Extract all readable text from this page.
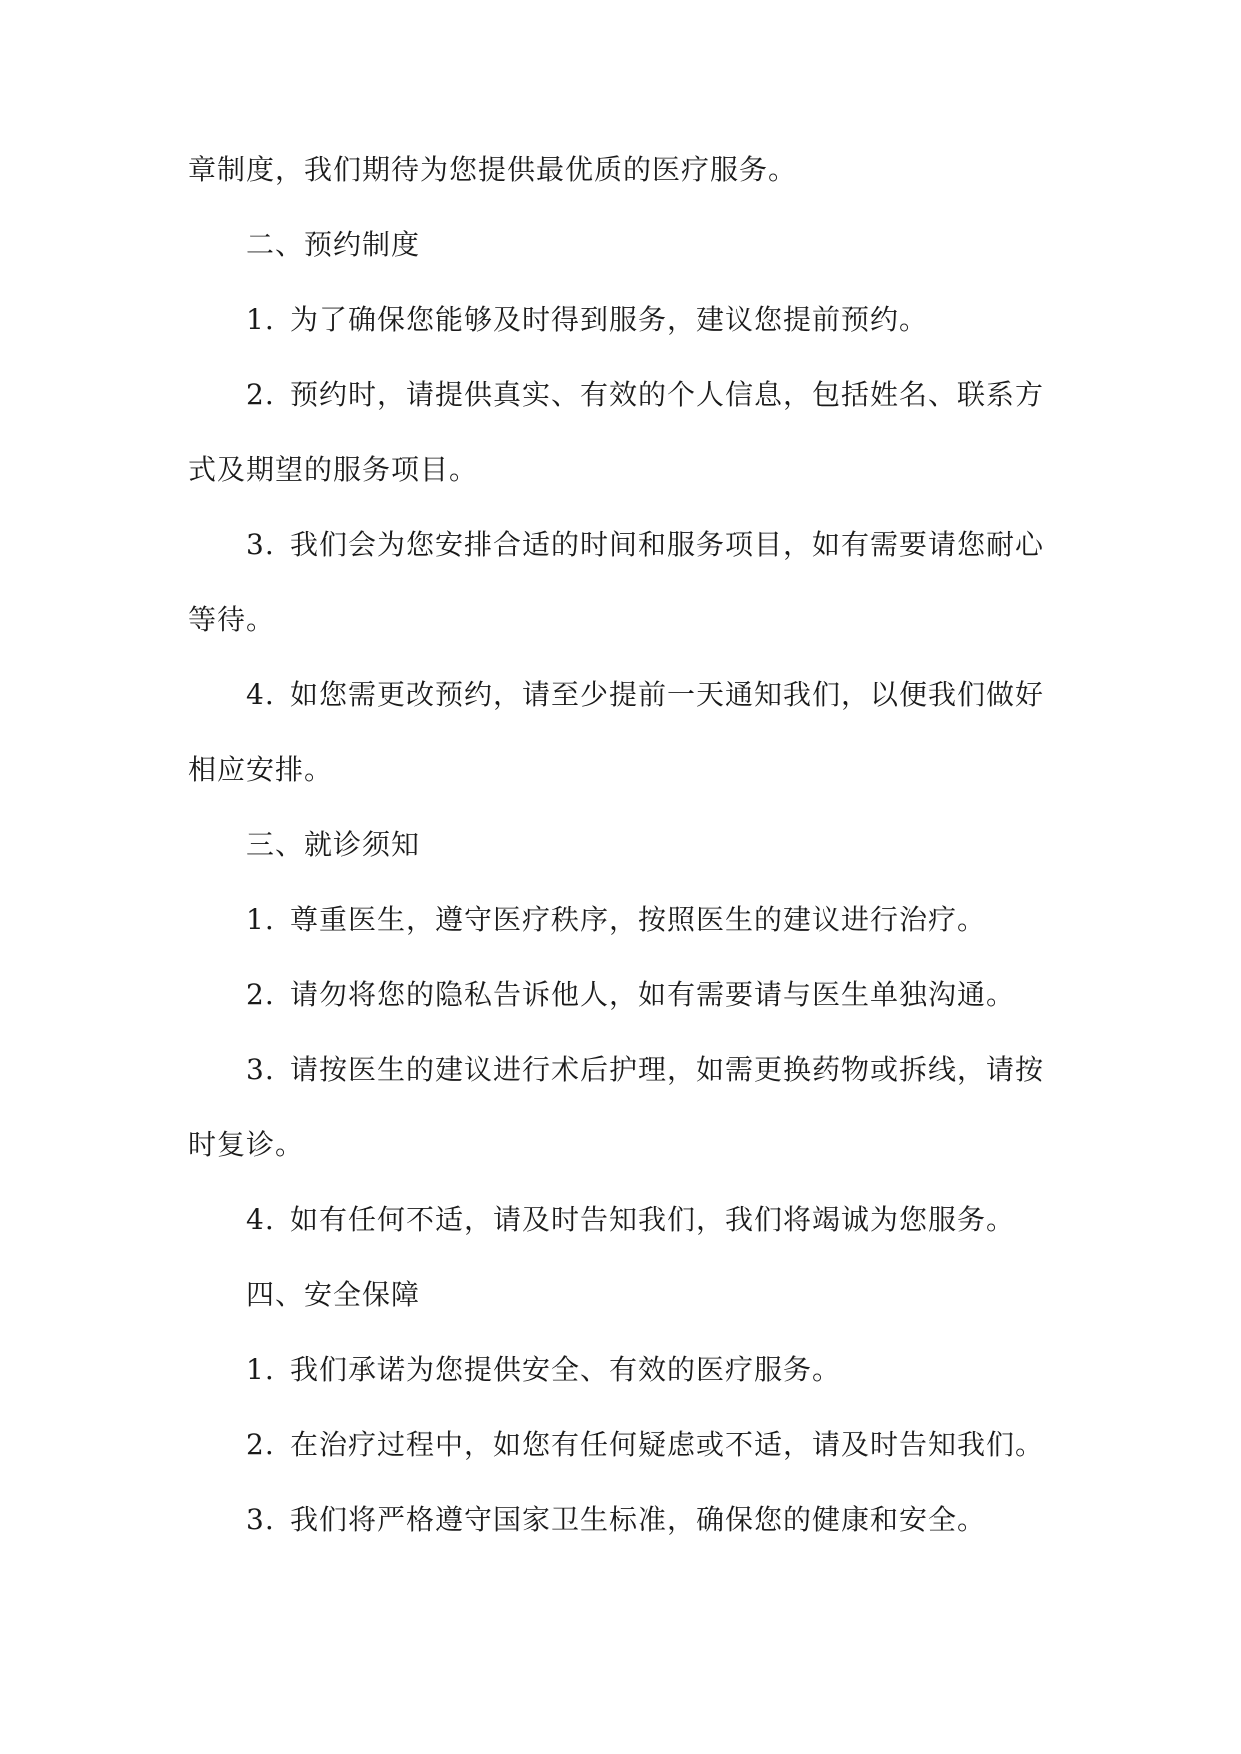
章制度，我们期待为您提供最优质的医疗服务。
二、预约制度
1. 为了确保您能够及时得到服务，建议您提前预约。
2. 预约时，请提供真实、有效的个人信息，包括姓名、联系方
式及期望的服务项目。
3. 我们会为您安排合适的时间和服务项目，如有需要请您耐心
等待。
4. 如您需更改预约，请至少提前一天通知我们，以便我们做好
相应安排。
三、就诊须知
1. 尊重医生，遵守医疗秩序，按照医生的建议进行治疗。
2. 请勿将您的隐私告诉他人，如有需要请与医生单独沟通。
3. 请按医生的建议进行术后护理，如需更换药物或拆线，请按
时复诊。
4. 如有任何不适，请及时告知我们，我们将竭诚为您服务。
四、安全保障
1. 我们承诺为您提供安全、有效的医疗服务。
2. 在治疗过程中，如您有任何疑虑或不适，请及时告知我们。
3. 我们将严格遵守国家卫生标准，确保您的健康和安全。
